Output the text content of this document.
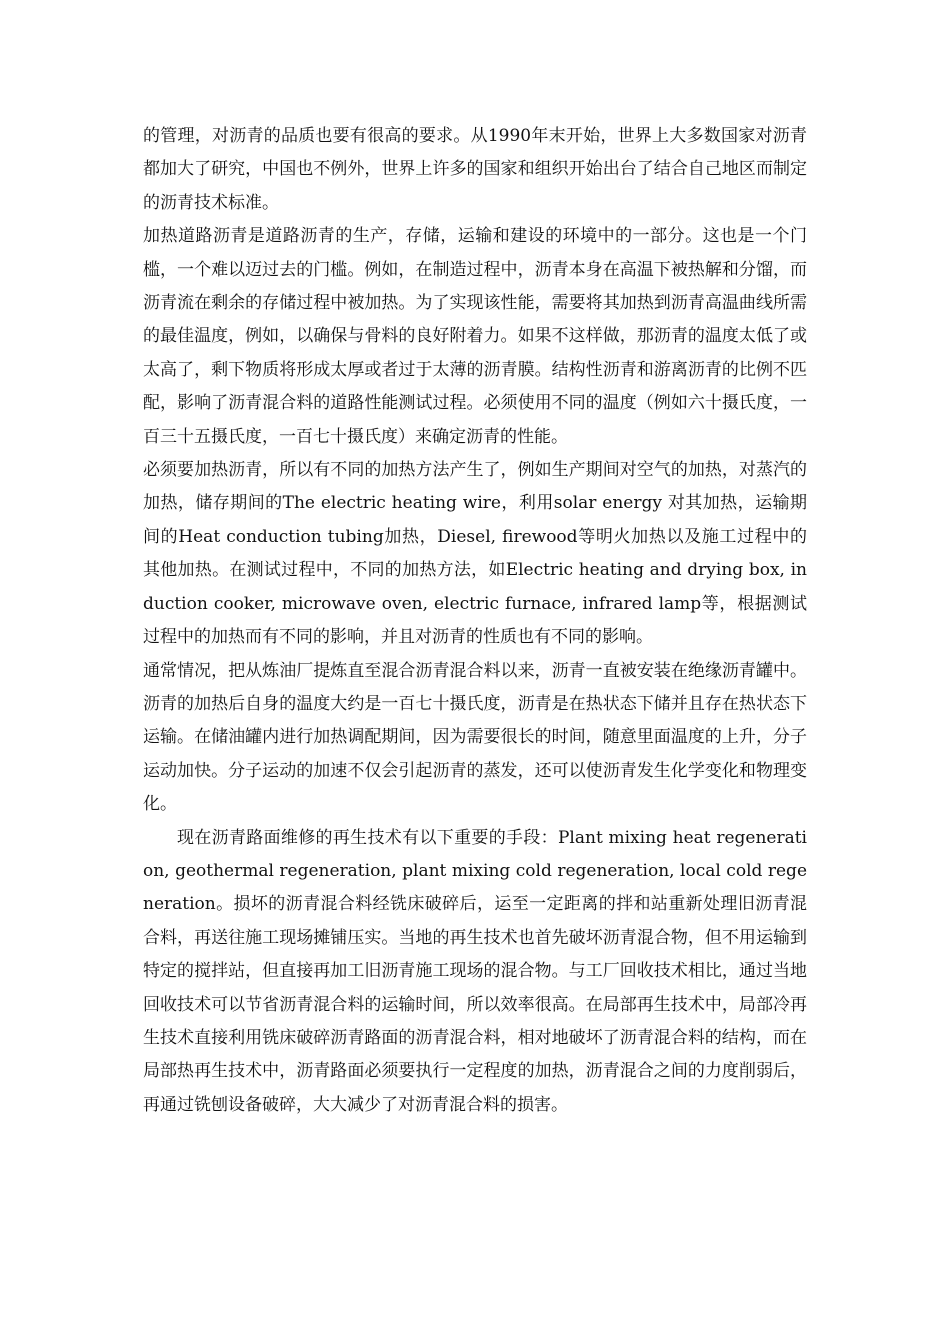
的管理，对沥青的品质也要有很高的要求。从1990年末开始，世界上大多数国家对沥青都加大了研究，中国也不例外，世界上许多的国家和组织开始出台了结合自己地区而制定的沥青技术标准。

加热道路沥青是道路沥青的生产，存储，运输和建设的环境中的一部分。这也是一个门槛，一个难以迈过去的门槛。例如，在制造过程中，沥青本身在高温下被热解和分馏，而沥青流在剩余的存储过程中被加热。为了实现该性能，需要将其加热到沥青高温曲线所需的最佳温度，例如，以确保与骨料的良好附着力。如果不这样做，那沥青的温度太低了或太高了，剩下物质将形成太厚或者过于太薄的沥青膜。结构性沥青和游离沥青的比例不匹配，影响了沥青混合料的道路性能测试过程。必须使用不同的温度（例如六十摄氏度，一百三十五摄氏度，一百七十摄氏度）来确定沥青的性能。

必须要加热沥青，所以有不同的加热方法产生了，例如生产期间对空气的加热，对蒸汽的加热，储存期间的The electric heating wire，利用solar energy 对其加热，运输期间的Heat conduction tubing加热，Diesel, firewood等明火加热以及施工过程中的其他加热。在测试过程中，不同的加热方法，如Electric heating and drying box, induction cooker, microwave oven, electric furnace, infrared lamp等，根据测试过程中的加热而有不同的影响，并且对沥青的性质也有不同的影响。

通常情况，把从炼油厂提炼直至混合沥青混合料以来，沥青一直被安装在绝缘沥青罐中。沥青的加热后自身的温度大约是一百七十摄氏度，沥青是在热状态下储并且存在热状态下运输。在储油罐内进行加热调配期间，因为需要很长的时间，随意里面温度的上升，分子运动加快。分子运动的加速不仅会引起沥青的蒸发，还可以使沥青发生化学变化和物理变化。

现在沥青路面维修的再生技术有以下重要的手段：Plant mixing heat regeneration, geothermal regeneration, plant mixing cold regeneration, local cold regeneration。损坏的沥青混合料经铣床破碎后，运至一定距离的拌和站重新处理旧沥青混合料，再送往施工现场摊铺压实。当地的再生技术也首先破坏沥青混合物，但不用运输到特定的搅拌站，但直接再加工旧沥青施工现场的混合物。与工厂回收技术相比，通过当地回收技术可以节省沥青混合料的运输时间，所以效率很高。在局部再生技术中，局部冷再生技术直接利用铣床破碎沥青路面的沥青混合料，相对地破坏了沥青混合料的结构，而在局部热再生技术中，沥青路面必须要执行一定程度的加热，沥青混合之间的力度削弱后，再通过铣刨设备破碎，大大减少了对沥青混合料的损害。
